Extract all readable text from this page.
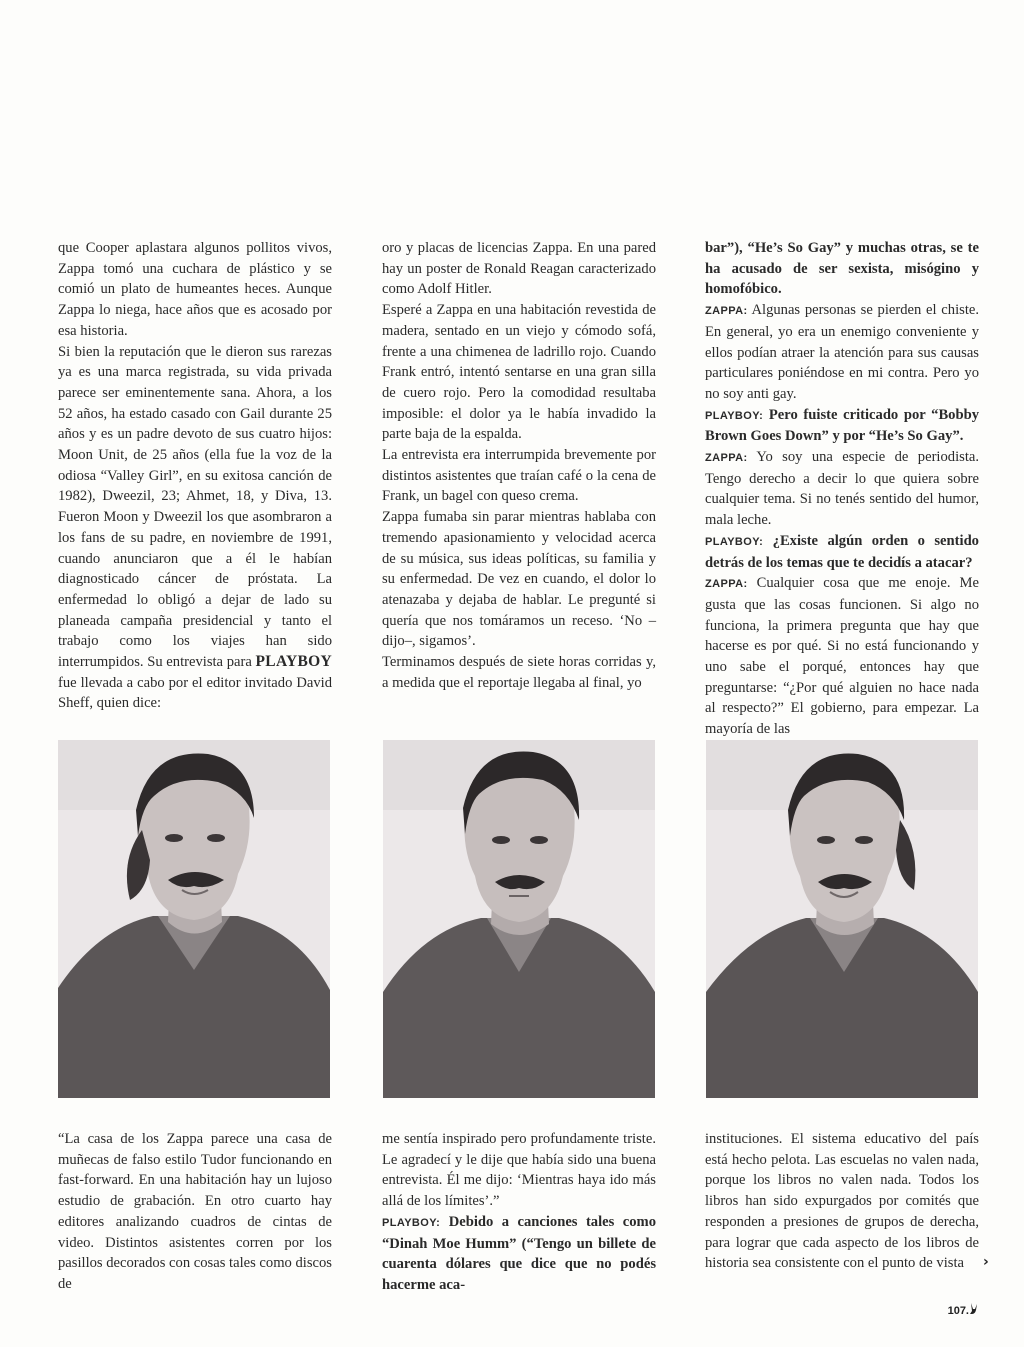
que Cooper aplastara algunos pollitos vivos, Zappa tomó una cuchara de plástico y se comió un plato de humeantes heces. Aunque Zappa lo niega, hace años que es acosado por esa historia.

Si bien la reputación que le dieron sus rarezas ya es una marca registrada, su vida privada parece ser eminentemente sana. Ahora, a los 52 años, ha estado casado con Gail durante 25 años y es un padre devoto de sus cuatro hijos: Moon Unit, de 25 años (ella fue la voz de la odiosa “Valley Girl”, en su exitosa canción de 1982), Dweezil, 23; Ahmet, 18, y Diva, 13. Fueron Moon y Dweezil los que asombraron a los fans de su padre, en noviembre de 1991, cuando anunciaron que a él le habían diagnosticado cáncer de próstata. La enfermedad lo obligó a dejar de lado su planeada campaña presidencial y tanto el trabajo como los viajes han sido interrumpidos. Su entrevista para PLAYBOY fue llevada a cabo por el editor invitado David Sheff, quien dice:

oro y placas de licencias Zappa. En una pared hay un poster de Ronald Reagan caracterizado como Adolf Hitler.

Esperé a Zappa en una habitación revestida de madera, sentado en un viejo y cómodo sofá, frente a una chimenea de ladrillo rojo. Cuando Frank entró, intentó sentarse en una gran silla de cuero rojo. Pero la comodidad resultaba imposible: el dolor ya le había invadido la parte baja de la espalda.

La entrevista era interrumpida brevemente por distintos asistentes que traían café o la cena de Frank, un bagel con queso crema.

Zappa fumaba sin parar mientras hablaba con tremendo apasionamiento y velocidad acerca de su música, sus ideas políticas, su familia y su enfermedad. De vez en cuando, el dolor lo atenazaba y dejaba de hablar. Le pregunté si quería que nos tomáramos un receso. ‘No –dijo–, sigamos’.

Terminamos después de siete horas corridas y, a medida que el reportaje llegaba al final, yo

bar”), “He’s So Gay” y muchas otras, se te ha acusado de ser sexista, misógino y homofóbico.

ZAPPA: Algunas personas se pierden el chiste. En general, yo era un enemigo conveniente y ellos podían atraer la atención para sus causas particulares poniéndose en mi contra. Pero yo no soy anti gay.

PLAYBOY: Pero fuiste criticado por “Bobby Brown Goes Down” y por “He’s So Gay”.

ZAPPA: Yo soy una especie de periodista. Tengo derecho a decir lo que quiera sobre cualquier tema. Si no tenés sentido del humor, mala leche.

PLAYBOY: ¿Existe algún orden o sentido detrás de los temas que te decidís a atacar?

ZAPPA: Cualquier cosa que me enoje. Me gusta que las cosas funcionen. Si algo no funciona, la primera pregunta que hay que hacerse es por qué. Si no está funcionando y uno sabe el porqué, entonces hay que preguntarse: “¿Por qué alguien no hace nada al respecto?” El gobierno, para empezar. La mayoría de las

“La casa de los Zappa parece una casa de muñecas de falso estilo Tudor funcionando en fast-forward. En una habitación hay un lujoso estudio de grabación. En otro cuarto hay editores analizando cuadros de cintas de video. Distintos asistentes corren por los pasillos decorados con cosas tales como discos de

me sentía inspirado pero profundamente triste. Le agradecí y le dije que había sido una buena entrevista. Él me dijo: ‘Mientras haya ido más allá de los límites’.”

PLAYBOY: Debido a canciones tales como “Dinah Moe Humm” (“Tengo un billete de cuarenta dólares que dice que no podés hacerme aca-

instituciones. El sistema educativo del país está hecho pelota. Las escuelas no valen nada, porque los libros no valen nada. Todos los libros han sido expurgados por comités que responden a presiones de grupos de derecha, para lograr que cada aspecto de los libros de historia sea consistente con el punto de vista	›
107.
